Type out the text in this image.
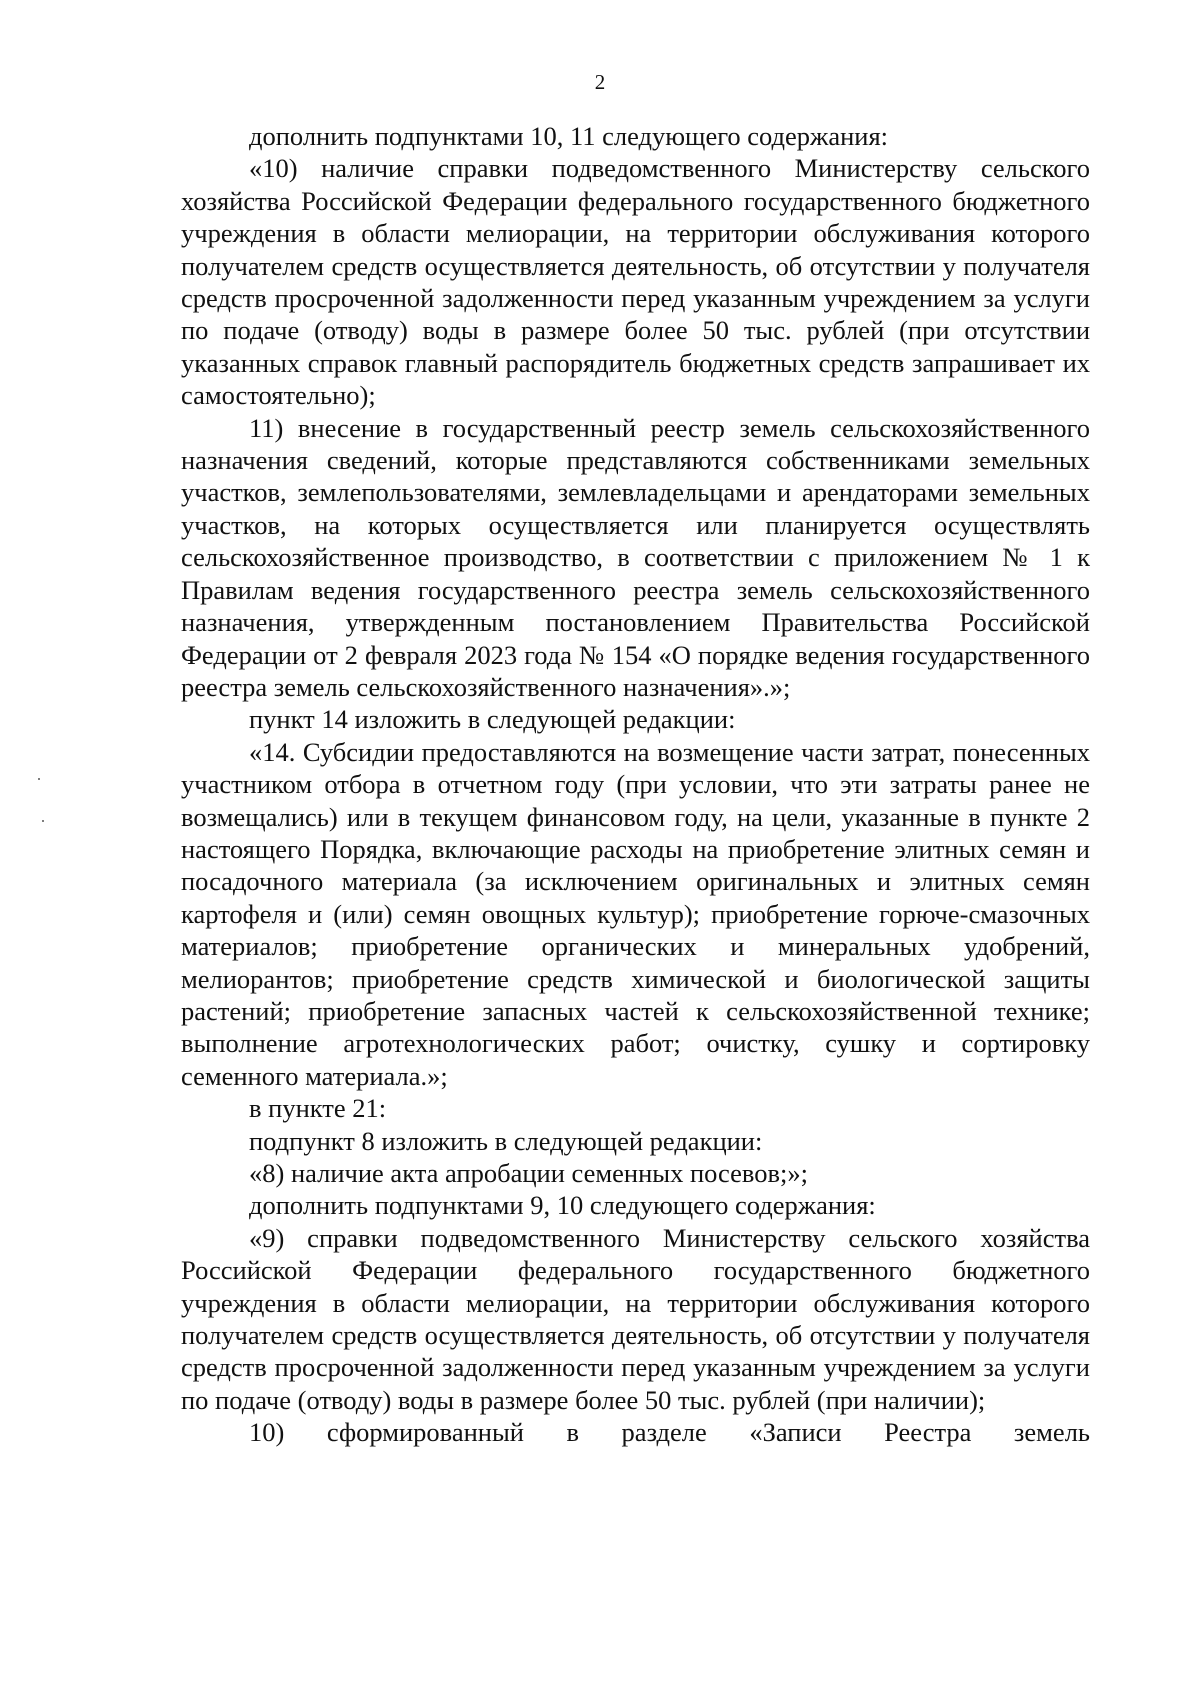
2

дополнить подпунктами 10, 11 следующего содержания:

«10) наличие справки подведомственного Министерству сельского хозяйства Российской Федерации федерального государственного бюджетного учреждения в области мелиорации, на территории обслуживания которого получателем средств осуществляется деятельность, об отсутствии у получателя средств просроченной задолженности перед указанным учреждением за услуги по подаче (отводу) воды в размере более 50 тыс. рублей (при отсутствии указанных справок главный распорядитель бюджетных средств запрашивает их самостоятельно);

11) внесение в государственный реестр земель сельскохозяйственного назначения сведений, которые представляются собственниками земельных участков, землепользователями, землевладельцами и арендаторами земельных участков, на которых осуществляется или планируется осуществлять сельскохозяйственное производство, в соответствии с приложением № 1 к Правилам ведения государственного реестра земель сельскохозяйственного назначения, утвержденным постановлением Правительства Российской Федерации от 2 февраля 2023 года № 154 «О порядке ведения государственного реестра земель сельскохозяйственного назначения».»;

пункт 14 изложить в следующей редакции:

«14. Субсидии предоставляются на возмещение части затрат, понесенных участником отбора в отчетном году (при условии, что эти затраты ранее не возмещались) или в текущем финансовом году, на цели, указанные в пункте 2 настоящего Порядка, включающие расходы на приобретение элитных семян и посадочного материала (за исключением оригинальных и элитных семян картофеля и (или) семян овощных культур); приобретение горюче-смазочных материалов; приобретение органических и минеральных удобрений, мелиорантов; приобретение средств химической и биологической защиты растений; приобретение запасных частей к сельскохозяйственной технике; выполнение агротехнологических работ; очистку, сушку и сортировку семенного материала.»;

в пункте 21:

подпункт 8 изложить в следующей редакции:

«8) наличие акта апробации семенных посевов;»;

дополнить подпунктами 9, 10 следующего содержания:

«9) справки подведомственного Министерству сельского хозяйства Российской Федерации федерального государственного бюджетного учреждения в области мелиорации, на территории обслуживания которого получателем средств осуществляется деятельность, об отсутствии у получателя средств просроченной задолженности перед указанным учреждением за услуги по подаче (отводу) воды в размере более 50 тыс. рублей (при наличии);

10) сформированный в разделе «Записи Реестра земель
